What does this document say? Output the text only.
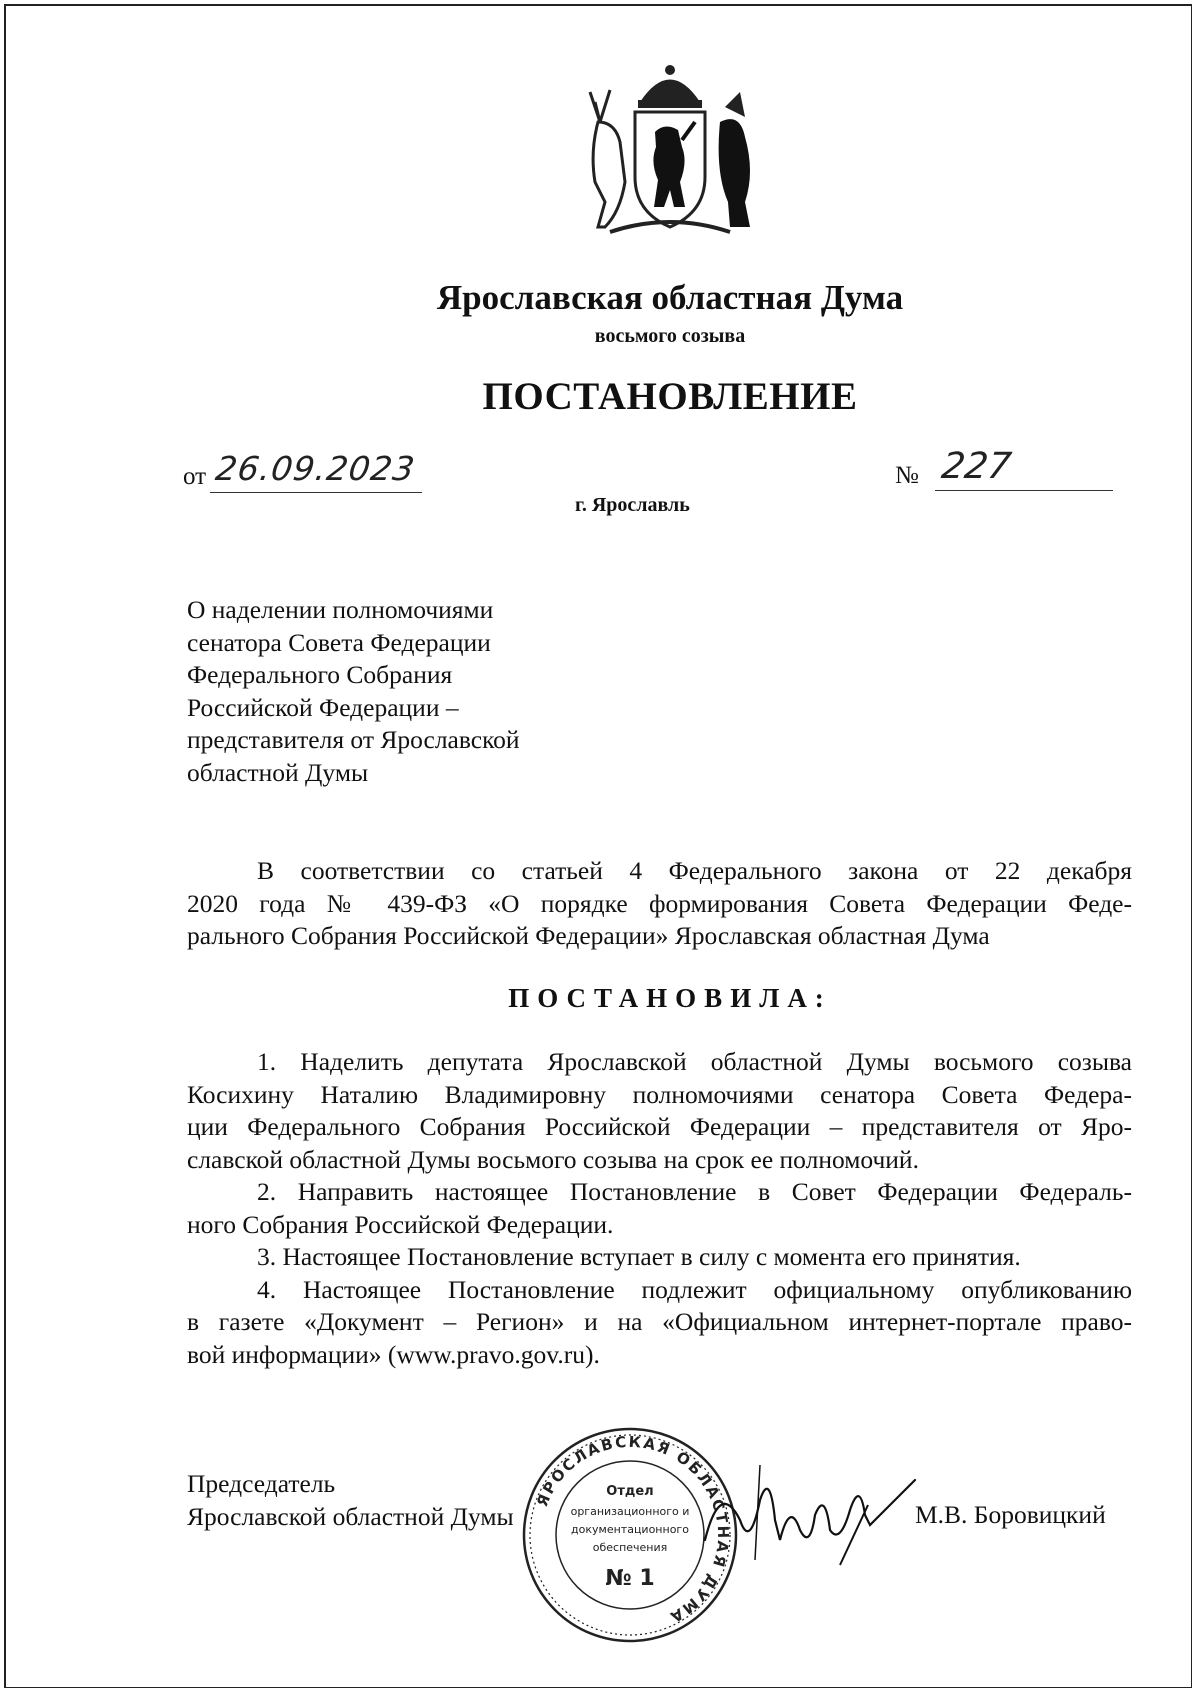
Ярославская областная Дума
восьмого созыва
ПОСТАНОВЛЕНИЕ
от 26.09.2023	№ 227
г. Ярославль
О наделении полномочиями
сенатора Совета Федерации
Федерального Собрания
Российской Федерации –
представителя от Ярославской
областной Думы
В соответствии со статьей 4 Федерального закона от 22 декабря
2020 года № 439-ФЗ «О порядке формирования Совета Федерации Феде-
рального Собрания Российской Федерации» Ярославская областная Дума
ПОСТАНОВИЛА:
1. Наделить депутата Ярославской областной Думы восьмого созыва
Косихину Наталию Владимировну полномочиями сенатора Совета Федера-
ции Федерального Собрания Российской Федерации – представителя от Яро-
славской областной Думы восьмого созыва на срок ее полномочий.
2. Направить настоящее Постановление в Совет Федерации Федераль-
ного Собрания Российской Федерации.
3. Настоящее Постановление вступает в силу с момента его принятия.
4. Настоящее Постановление подлежит официальному опубликованию
в газете «Документ – Регион» и на «Официальном интернет-портале право-
вой информации» (www.pravo.gov.ru).
Председатель
Ярославской областной Думы
ЯРОСЛАВСКАЯ ОБЛАСТНАЯ ДУМА
Отдел
организационного и
документационного
обеспечения
№ 1
М.В. Боровицкий
